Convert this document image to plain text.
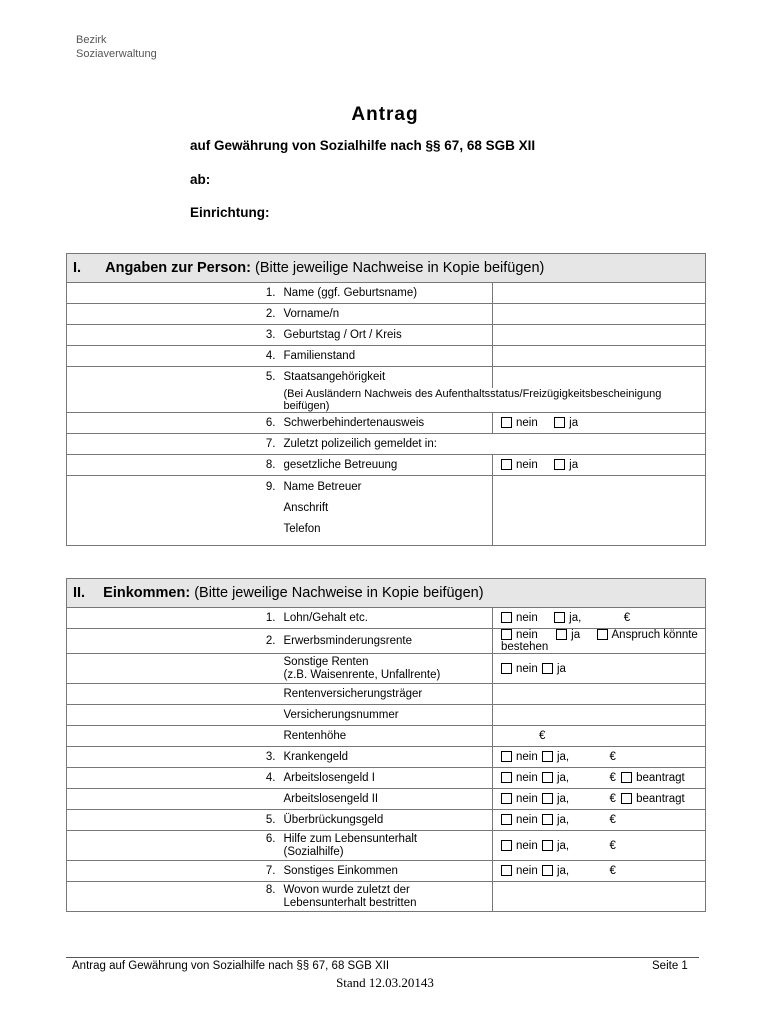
Bezirk
Soziaverwaltung
Antrag
auf Gewährung von Sozialhilfe nach §§ 67, 68 SGB XII
ab:
Einrichtung:
I. Angaben zur Person: (Bitte jeweilige Nachweise in Kopie beifügen)		
1.	Name (ggf. Geburtsname)	
2.	Vorname/n	
3.	Geburtstag / Ort / Kreis	
4.	Familienstand	
5.	Staatsangehörigkeit	
	(Bei Ausländern Nachweis des Aufenthaltsstatus/Freizügigkeitsbescheinigung beifügen)	
6.	Schwerbehindertenausweis	nein ja
7.	Zuletzt polizeilich gemeldet in:	
8.	gesetzliche Betreuung	nein ja
9.	Name Betreuer
Anschrift
Telefon	

II. Einkommen: (Bitte jeweilige Nachweise in Kopie beifügen)		
1.	Lohn/Gehalt etc.	nein ja, €
2.	Erwerbsminderungsrente	nein ja Anspruch könnte bestehen

	Sonstige Renten
(z.B. Waisenrente, Unfallrente)	nein ja
	Rentenversicherungsträger	
	Versicherungsnummer	
	Rentenhöhe	€
3.	Krankengeld	nein ja, €
4.	Arbeitslosengeld I	nein ja, € beantragt
	Arbeitslosengeld II	nein ja, € beantragt
5.	Überbrückungsgeld	nein ja, €
6.	Hilfe zum Lebensunterhalt
(Sozialhilfe)	nein ja, €
7.	Sonstiges Einkommen	nein ja, €
8.	Wovon wurde zuletzt der
Lebensunterhalt bestritten	

Antrag auf Gewährung von Sozialhilfe nach §§ 67, 68 SGB XII	Seite 1
Stand 12.03.20143
